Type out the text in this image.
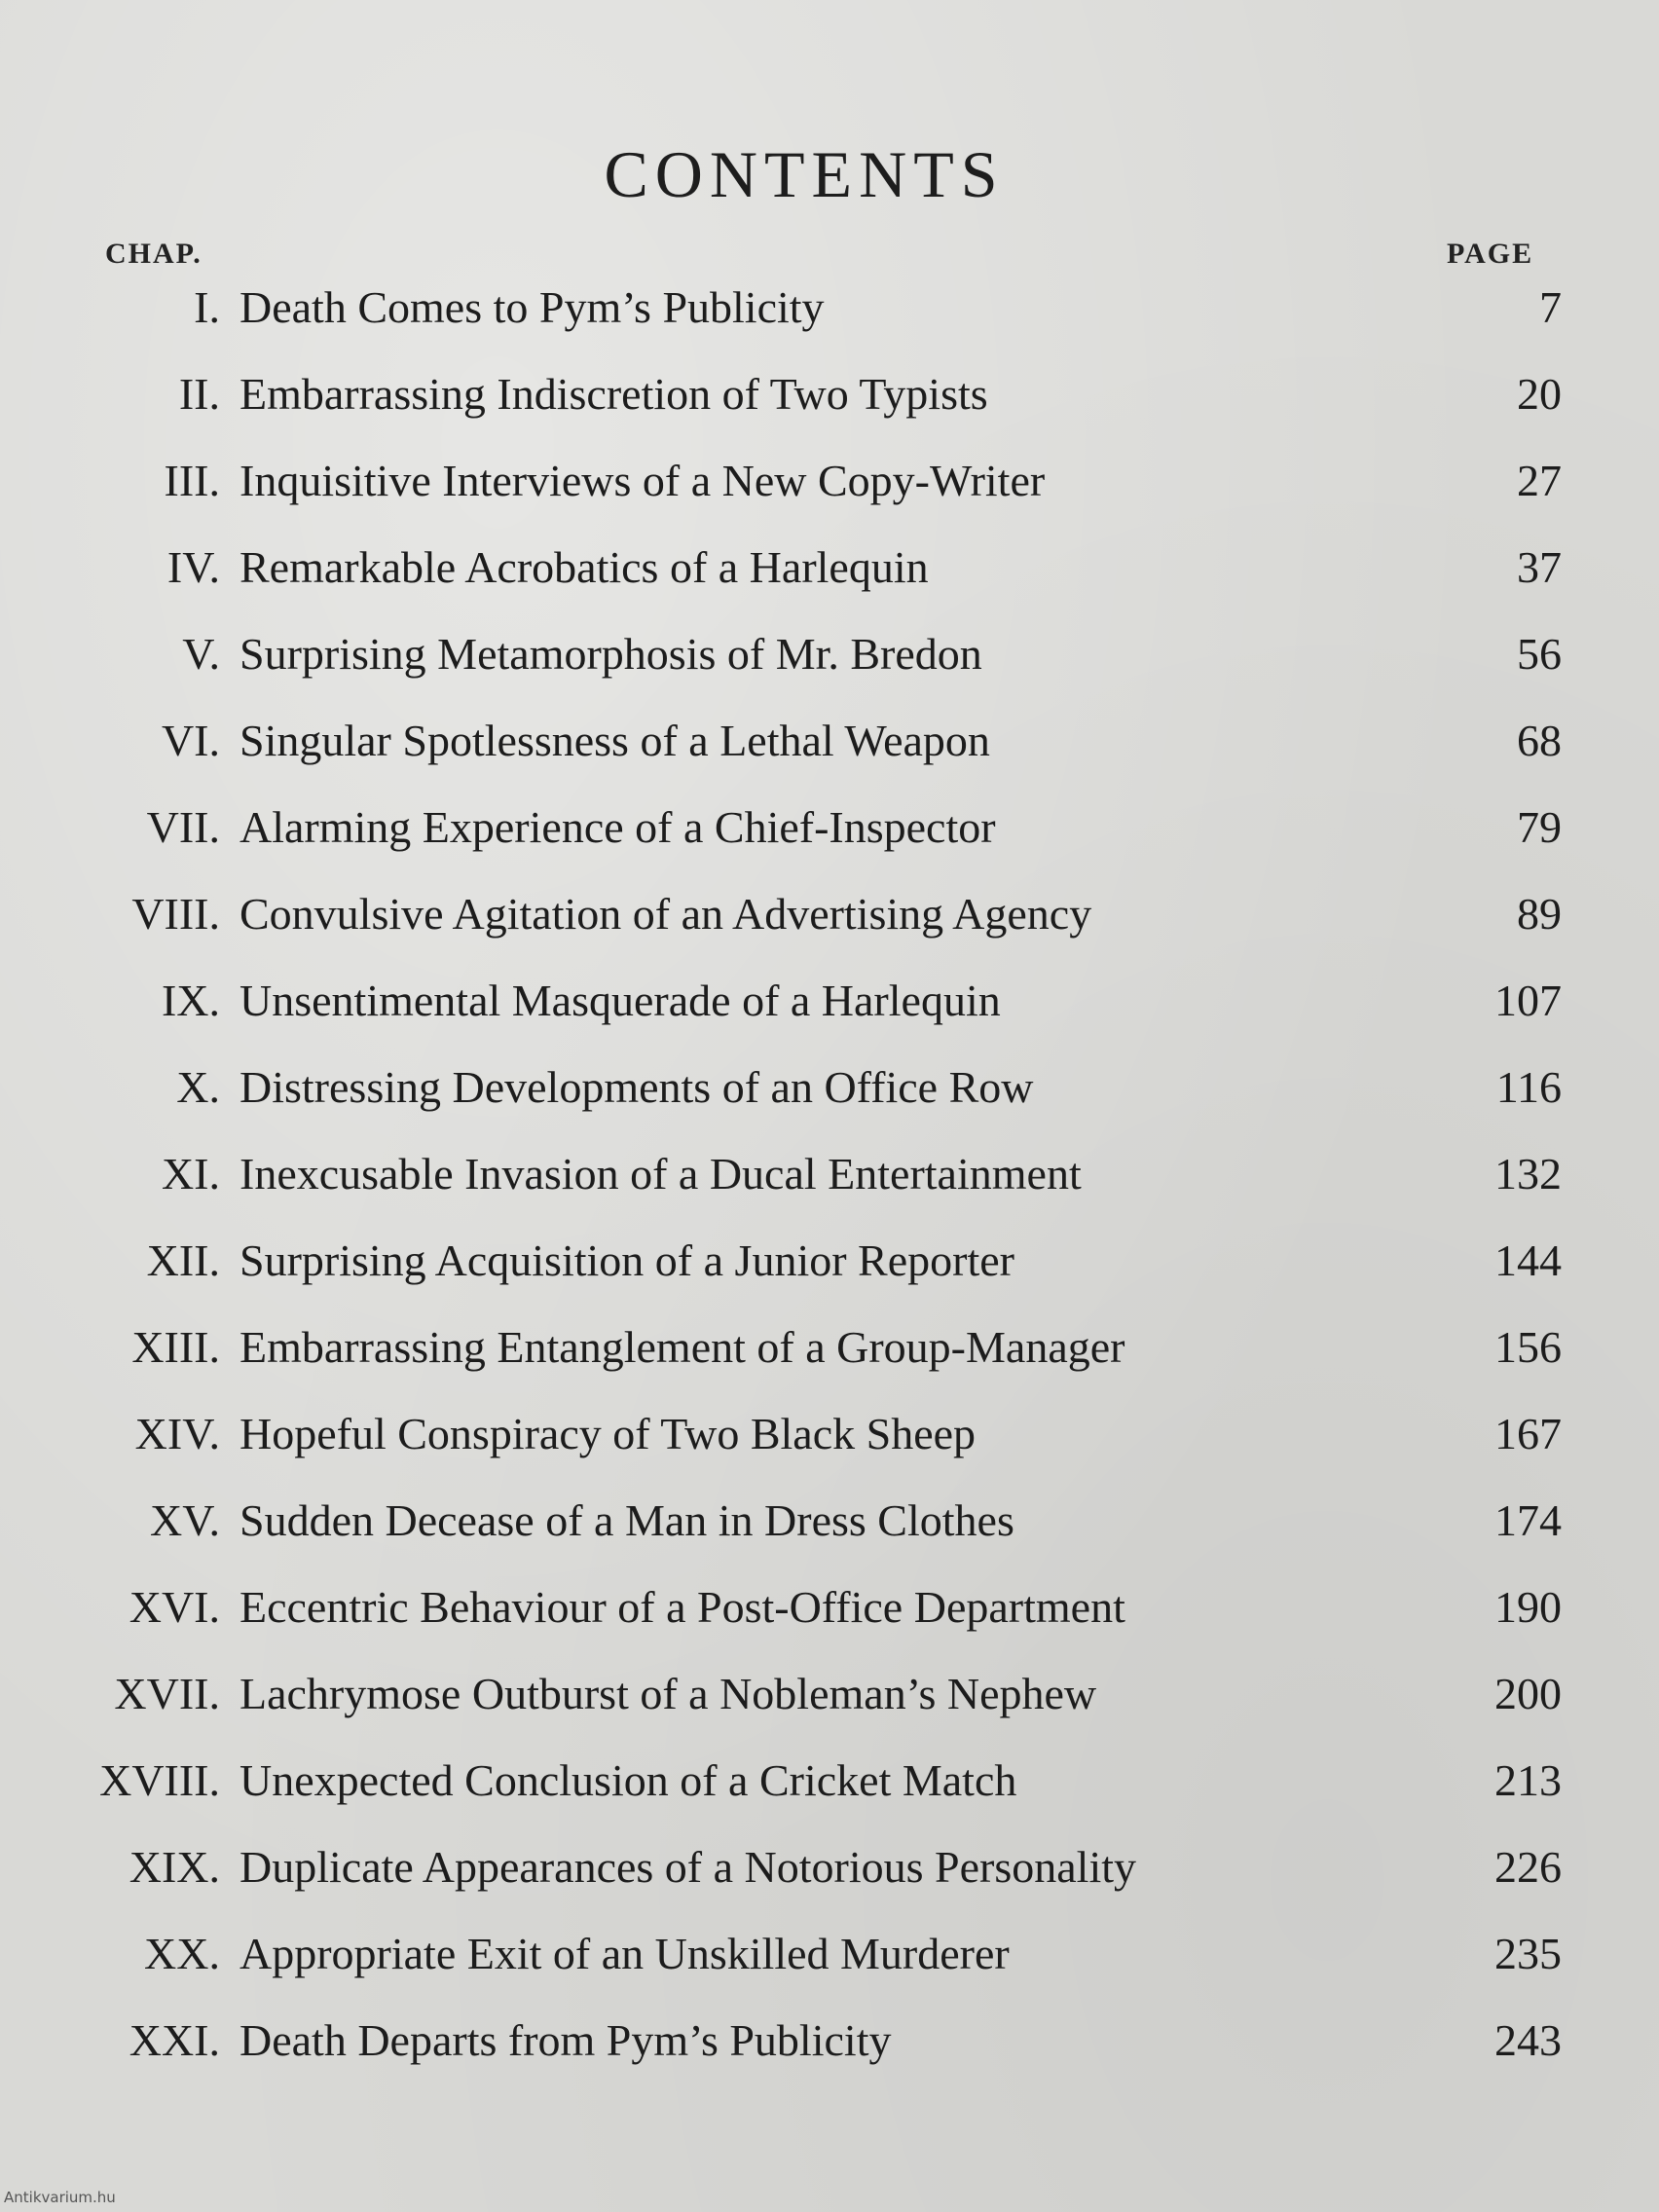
CONTENTS
CHAP.	PAGE
I. Death Comes to Pym’s Publicity	7
II. Embarrassing Indiscretion of Two Typists	20
III. Inquisitive Interviews of a New Copy-Writer	27
IV. Remarkable Acrobatics of a Harlequin	37
V. Surprising Metamorphosis of Mr. Bredon	56
VI. Singular Spotlessness of a Lethal Weapon	68
VII. Alarming Experience of a Chief-Inspector	79
VIII. Convulsive Agitation of an Advertising Agency	89
IX. Unsentimental Masquerade of a Harlequin	107
X. Distressing Developments of an Office Row	116
XI. Inexcusable Invasion of a Ducal Entertainment	132
XII. Surprising Acquisition of a Junior Reporter	144
XIII. Embarrassing Entanglement of a Group-Manager	156
XIV. Hopeful Conspiracy of Two Black Sheep	167
XV. Sudden Decease of a Man in Dress Clothes	174
XVI. Eccentric Behaviour of a Post-Office Department	190
XVII. Lachrymose Outburst of a Nobleman’s Nephew	200
XVIII. Unexpected Conclusion of a Cricket Match	213
XIX. Duplicate Appearances of a Notorious Personality	226
XX. Appropriate Exit of an Unskilled Murderer	235
XXI. Death Departs from Pym’s Publicity	243
Antikvarium.hu
